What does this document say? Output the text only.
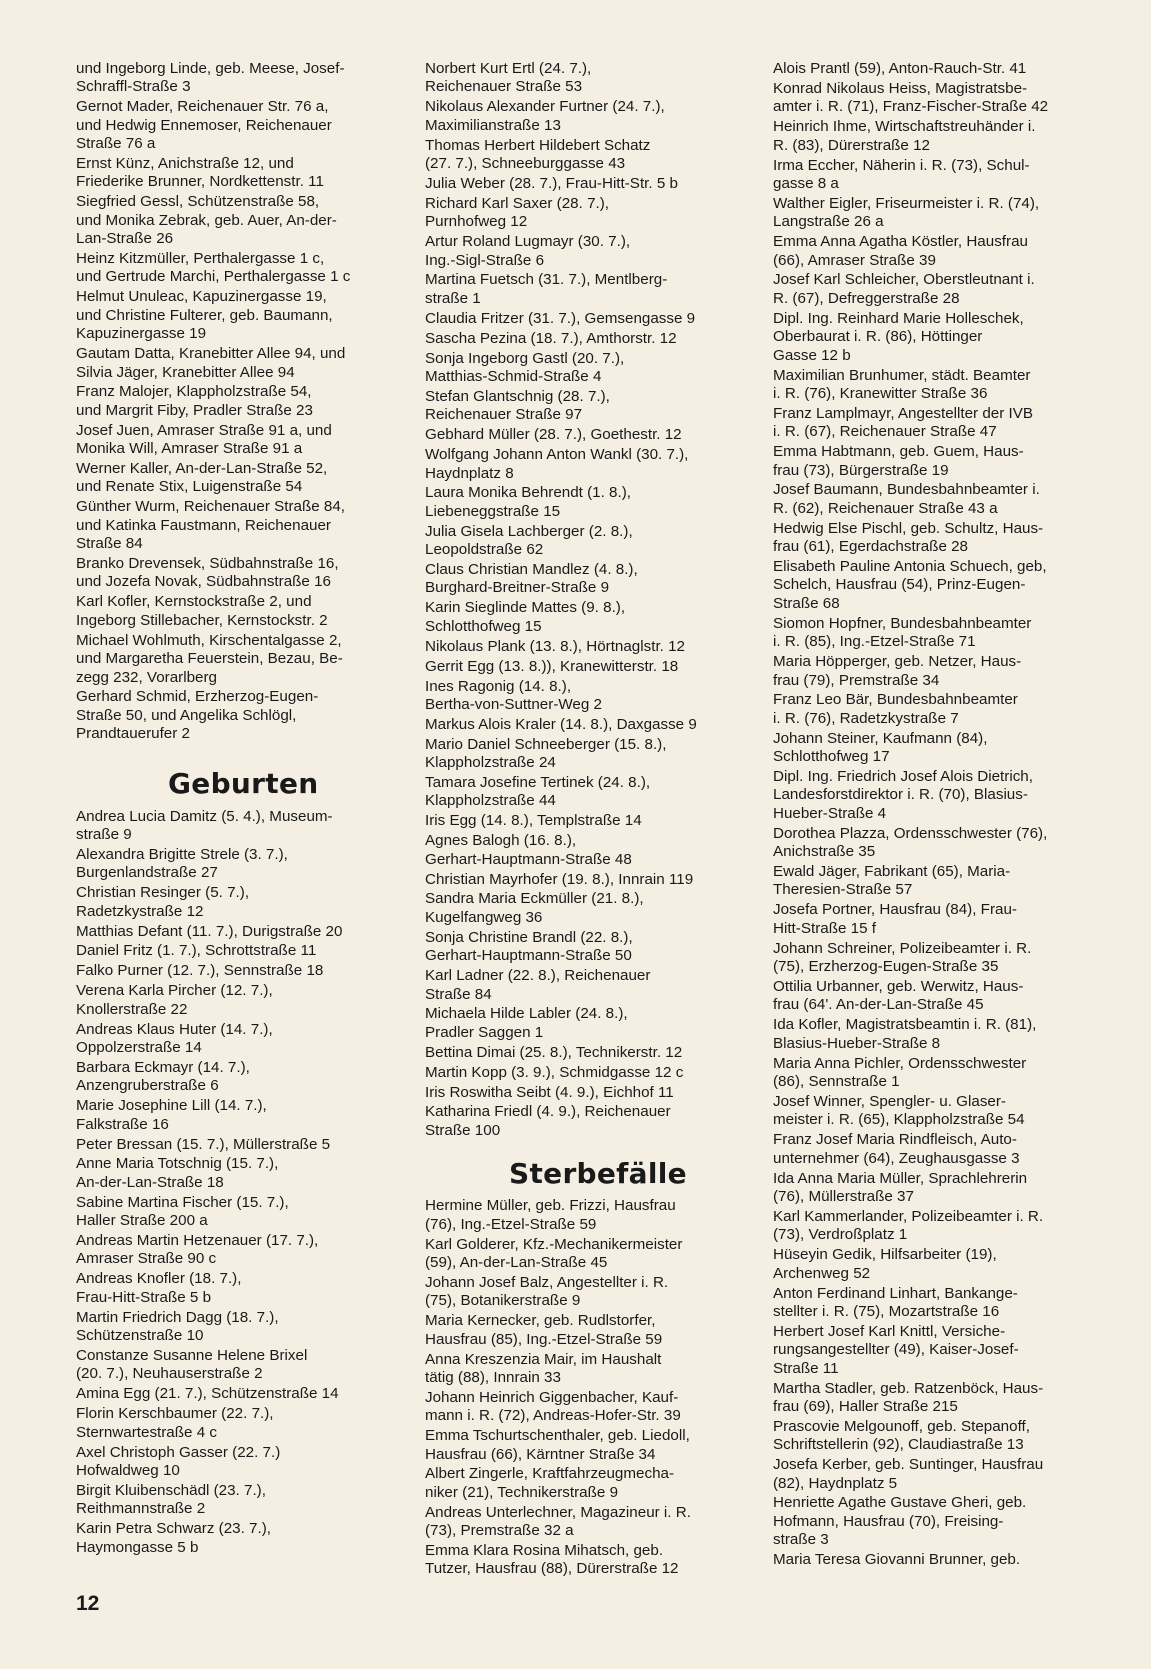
und Ingeborg Linde, geb. Meese, Josef-
Schraffl-Straße 3
Gernot Mader, Reichenauer Str. 76 a,
und Hedwig Ennemoser, Reichenauer
Straße 76 a
Ernst Künz, Anichstraße 12, und
Friederike Brunner, Nordkettenstr. 11
Siegfried Gessl, Schützenstraße 58,
und Monika Zebrak, geb. Auer, An-der-
Lan-Straße 26
Heinz Kitzmüller, Perthalergasse 1 c,
und Gertrude Marchi, Perthalergasse 1 c
Helmut Unuleac, Kapuzinergasse 19,
und Christine Fulterer, geb. Baumann,
Kapuzinergasse 19
Gautam Datta, Kranebitter Allee 94, und
Silvia Jäger, Kranebitter Allee 94
Franz Malojer, Klappholzstraße 54,
und Margrit Fiby, Pradler Straße 23
Josef Juen, Amraser Straße 91 a, und
Monika Will, Amraser Straße 91 a
Werner Kaller, An-der-Lan-Straße 52,
und Renate Stix, Luigenstraße 54
Günther Wurm, Reichenauer Straße 84,
und Katinka Faustmann, Reichenauer
Straße 84
Branko Drevensek, Südbahnstraße 16,
und Jozefa Novak, Südbahnstraße 16
Karl Kofler, Kernstockstraße 2, und
Ingeborg Stillebacher, Kernstockstr. 2
Michael Wohlmuth, Kirschentalgasse 2,
und Margaretha Feuerstein, Bezau, Be-
zegg 232, Vorarlberg
Gerhard Schmid, Erzherzog-Eugen-
Straße 50, und Angelika Schlögl,
Prandtauerufer 2
Geburten
Andrea Lucia Damitz (5. 4.), Museum-
straße 9
Alexandra Brigitte Strele (3. 7.),
Burgenlandstraße 27
Christian Resinger (5. 7.),
Radetzkystraße 12
Matthias Defant (11. 7.), Durigstraße 20
Daniel Fritz (1. 7.), Schrottstraße 11
Falko Purner (12. 7.), Sennstraße 18
Verena Karla Pircher (12. 7.),
Knollerstraße 22
Andreas Klaus Huter (14. 7.),
Oppolzerstraße 14
Barbara Eckmayr (14. 7.),
Anzengruberstraße 6
Marie Josephine Lill (14. 7.),
Falkstraße 16
Peter Bressan (15. 7.), Müllerstraße 5
Anne Maria Totschnig (15. 7.),
An-der-Lan-Straße 18
Sabine Martina Fischer (15. 7.),
Haller Straße 200 a
Andreas Martin Hetzenauer (17. 7.),
Amraser Straße 90 c
Andreas Knofler (18. 7.),
Frau-Hitt-Straße 5 b
Martin Friedrich Dagg (18. 7.),
Schützenstraße 10
Constanze Susanne Helene Brixel
(20. 7.), Neuhauserstraße 2
Amina Egg (21. 7.), Schützenstraße 14
Florin Kerschbaumer (22. 7.),
Sternwartestraße 4 c
Axel Christoph Gasser (22. 7.)
Hofwaldweg 10
Birgit Kluibenschädl (23. 7.),
Reithmannstraße 2
Karin Petra Schwarz (23. 7.),
Haymongasse 5 b
Norbert Kurt Ertl (24. 7.),
Reichenauer Straße 53
Nikolaus Alexander Furtner (24. 7.),
Maximilianstraße 13
Thomas Herbert Hildebert Schatz
(27. 7.), Schneeburggasse 43
Julia Weber (28. 7.), Frau-Hitt-Str. 5 b
Richard Karl Saxer (28. 7.),
Purnhofweg 12
Artur Roland Lugmayr (30. 7.),
Ing.-Sigl-Straße 6
Martina Fuetsch (31. 7.), Mentlberg-
straße 1
Claudia Fritzer (31. 7.), Gemsengasse 9
Sascha Pezina (18. 7.), Amthorstr. 12
Sonja Ingeborg Gastl (20. 7.),
Matthias-Schmid-Straße 4
Stefan Glantschnig (28. 7.),
Reichenauer Straße 97
Gebhard Müller (28. 7.), Goethestr. 12
Wolfgang Johann Anton Wankl (30. 7.),
Haydnplatz 8
Laura Monika Behrendt (1. 8.),
Liebeneggstraße 15
Julia Gisela Lachberger (2. 8.),
Leopoldstraße 62
Claus Christian Mandlez (4. 8.),
Burghard-Breitner-Straße 9
Karin Sieglinde Mattes (9. 8.),
Schlotthofweg 15
Nikolaus Plank (13. 8.), Hörtnaglstr. 12
Gerrit Egg (13. 8.)), Kranewitterstr. 18
Ines Ragonig (14. 8.),
Bertha-von-Suttner-Weg 2
Markus Alois Kraler (14. 8.), Daxgasse 9
Mario Daniel Schneeberger (15. 8.),
Klappholzstraße 24
Tamara Josefine Tertinek (24. 8.),
Klappholzstraße 44
Iris Egg (14. 8.), Templstraße 14
Agnes Balogh (16. 8.),
Gerhart-Hauptmann-Straße 48
Christian Mayrhofer (19. 8.), Innrain 119
Sandra Maria Eckmüller (21. 8.),
Kugelfangweg 36
Sonja Christine Brandl (22. 8.),
Gerhart-Hauptmann-Straße 50
Karl Ladner (22. 8.), Reichenauer
Straße 84
Michaela Hilde Labler (24. 8.),
Pradler Saggen 1
Bettina Dimai (25. 8.), Technikerstr. 12
Martin Kopp (3. 9.), Schmidgasse 12 c
Iris Roswitha Seibt (4. 9.), Eichhof 11
Katharina Friedl (4. 9.), Reichenauer
Straße 100
Sterbefälle
Hermine Müller, geb. Frizzi, Hausfrau
(76), Ing.-Etzel-Straße 59
Karl Golderer, Kfz.-Mechanikermeister
(59), An-der-Lan-Straße 45
Johann Josef Balz, Angestellter i. R.
(75), Botanikerstraße 9
Maria Kernecker, geb. Rudlstorfer,
Hausfrau (85), Ing.-Etzel-Straße 59
Anna Kreszenzia Mair, im Haushalt
tätig (88), Innrain 33
Johann Heinrich Giggenbacher, Kauf-
mann i. R. (72), Andreas-Hofer-Str. 39
Emma Tschurtschenthaler, geb. Liedoll,
Hausfrau (66), Kärntner Straße 34
Albert Zingerle, Kraftfahrzeugmecha-
niker (21), Technikerstraße 9
Andreas Unterlechner, Magazineur i. R.
(73), Premstraße 32 a
Emma Klara Rosina Mihatsch, geb.
Tutzer, Hausfrau (88), Dürerstraße 12
Alois Prantl (59), Anton-Rauch-Str. 41
Konrad Nikolaus Heiss, Magistratsbe-
amter i. R. (71), Franz-Fischer-Straße 42
Heinrich Ihme, Wirtschaftstreuhänder i.
R. (83), Dürerstraße 12
Irma Eccher, Näherin i. R. (73), Schul-
gasse 8 a
Walther Eigler, Friseurmeister i. R. (74),
Langstraße 26 a
Emma Anna Agatha Köstler, Hausfrau
(66), Amraser Straße 39
Josef Karl Schleicher, Oberstleutnant i.
R. (67), Defreggerstraße 28
Dipl. Ing. Reinhard Marie Holleschek,
Oberbaurat i. R. (86), Höttinger
Gasse 12 b
Maximilian Brunhumer, städt. Beamter
i. R. (76), Kranewitter Straße 36
Franz Lamplmayr, Angestellter der IVB
i. R. (67), Reichenauer Straße 47
Emma Habtmann, geb. Guem, Haus-
frau (73), Bürgerstraße 19
Josef Baumann, Bundesbahnbeamter i.
R. (62), Reichenauer Straße 43 a
Hedwig Else Pischl, geb. Schultz, Haus-
frau (61), Egerdachstraße 28
Elisabeth Pauline Antonia Schuech, geb,
Schelch, Hausfrau (54), Prinz-Eugen-
Straße 68
Siomon Hopfner, Bundesbahnbeamter
i. R. (85), Ing.-Etzel-Straße 71
Maria Höpperger, geb. Netzer, Haus-
frau (79), Premstraße 34
Franz Leo Bär, Bundesbahnbeamter
i. R. (76), Radetzkystraße 7
Johann Steiner, Kaufmann (84),
Schlotthofweg 17
Dipl. Ing. Friedrich Josef Alois Dietrich,
Landesforstdirektor i. R. (70), Blasius-
Hueber-Straße 4
Dorothea Plazza, Ordensschwester (76),
Anichstraße 35
Ewald Jäger, Fabrikant (65), Maria-
Theresien-Straße 57
Josefa Portner, Hausfrau (84), Frau-
Hitt-Straße 15 f
Johann Schreiner, Polizeibeamter i. R.
(75), Erzherzog-Eugen-Straße 35
Ottilia Urbanner, geb. Werwitz, Haus-
frau (64'. An-der-Lan-Straße 45
Ida Kofler, Magistratsbeamtin i. R. (81),
Blasius-Hueber-Straße 8
Maria Anna Pichler, Ordensschwester
(86), Sennstraße 1
Josef Winner, Spengler- u. Glaser-
meister i. R. (65), Klappholzstraße 54
Franz Josef Maria Rindfleisch, Auto-
unternehmer (64), Zeughausgasse 3
Ida Anna Maria Müller, Sprachlehrerin
(76), Müllerstraße 37
Karl Kammerlander, Polizeibeamter i. R.
(73), Verdroßplatz 1
Hüseyin Gedik, Hilfsarbeiter (19),
Archenweg 52
Anton Ferdinand Linhart, Bankange-
stellter i. R. (75), Mozartstraße 16
Herbert Josef Karl Knittl, Versiche-
rungsangestellter (49), Kaiser-Josef-
Straße 11
Martha Stadler, geb. Ratzenböck, Haus-
frau (69), Haller Straße 215
Prascovie Melgounoff, geb. Stepanoff,
Schriftstellerin (92), Claudiastraße 13
Josefa Kerber, geb. Suntinger, Hausfrau
(82), Haydnplatz 5
Henriette Agathe Gustave Gheri, geb.
Hofmann, Hausfrau (70), Freising-
straße 3
Maria Teresa Giovanni Brunner, geb.
12
